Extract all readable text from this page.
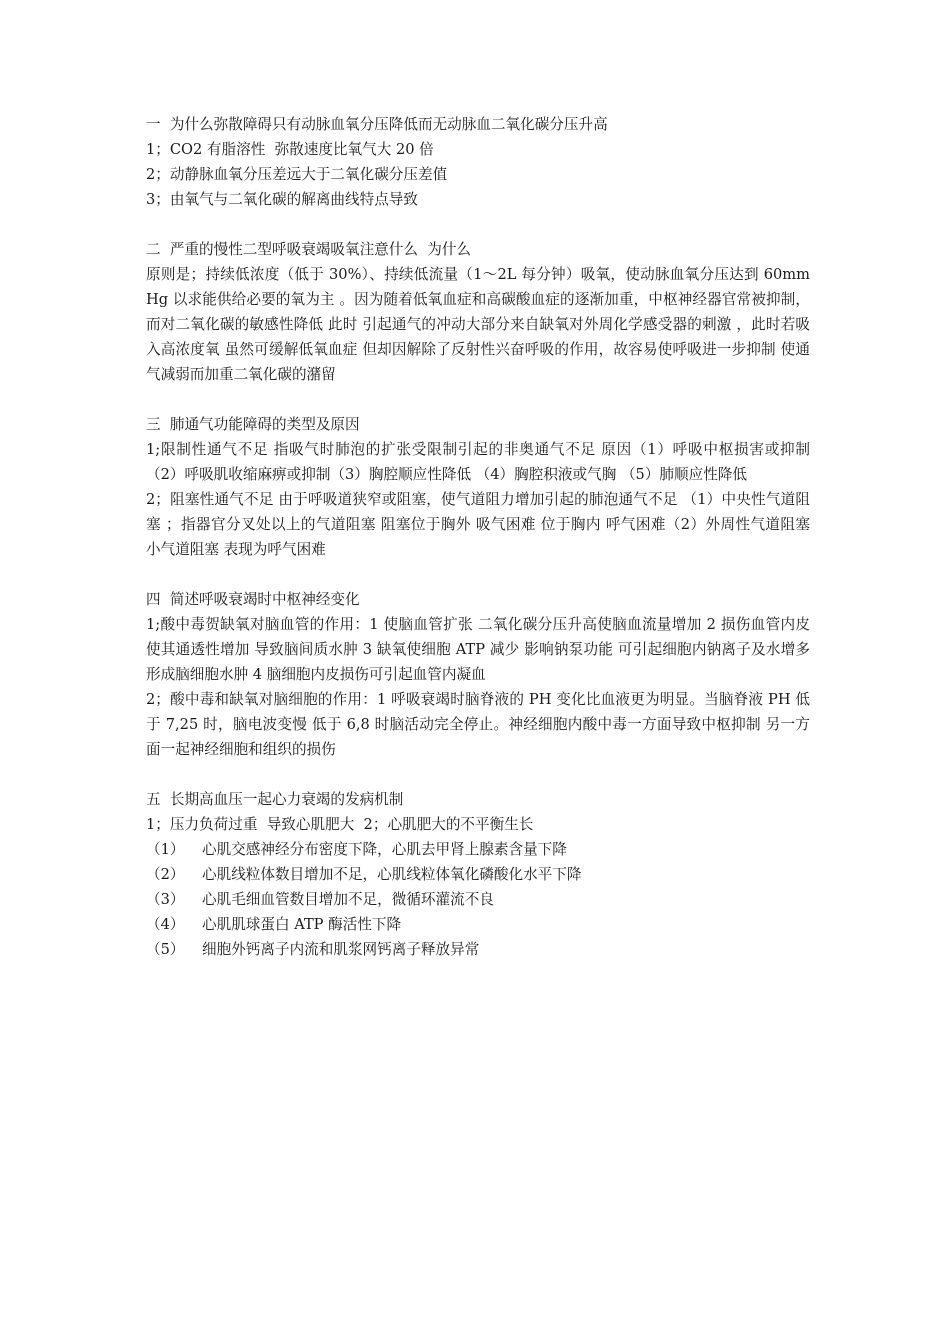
一  为什么弥散障碍只有动脉血氧分压降低而无动脉血二氧化碳分压升高
1；CO2 有脂溶性  弥散速度比氧气大 20 倍
2；动静脉血氧分压差远大于二氧化碳分压差值
3；由氧气与二氧化碳的解离曲线特点导致
二  严重的慢性二型呼吸衰竭吸氧注意什么  为什么
原则是；持续低浓度（低于 30%）、持续低流量（1～2L 每分钟）吸氧，使动脉血氧分压达到 60mmHg 以求能供给必要的氧为主 。因为随着低氧血症和高碳酸血症的逐渐加重，中枢神经器官常被抑制，而对二氧化碳的敏感性降低 此时 引起通气的冲动大部分来自缺氧对外周化学感受器的刺激 ，此时若吸入高浓度氧 虽然可缓解低氧血症 但却因解除了反射性兴奋呼吸的作用，故容易使呼吸进一步抑制 使通气减弱而加重二氧化碳的潴留
三  肺通气功能障碍的类型及原因
1;限制性通气不足 指吸气时肺泡的扩张受限制引起的非奥通气不足 原因（1）呼吸中枢损害或抑制 （2）呼吸肌收缩麻痹或抑制（3）胸腔顺应性降低 （4）胸腔积液或气胸 （5）肺顺应性降低
2；阻塞性通气不足 由于呼吸道狭窄或阻塞，使气道阻力增加引起的肺泡通气不足 （1）中央性气道阻塞 ；指器官分叉处以上的气道阻塞 阻塞位于胸外 吸气困难 位于胸内 呼气困难（2）外周性气道阻塞 小气道阻塞 表现为呼气困难
四  简述呼吸衰竭时中枢神经变化
1;酸中毒贺缺氧对脑血管的作用：1 使脑血管扩张 二氧化碳分压升高使脑血流量增加 2 损伤血管内皮使其通透性增加 导致脑间质水肿 3 缺氧使细胞 ATP 减少 影响钠泵功能 可引起细胞内钠离子及水增多 形成脑细胞水肿 4 脑细胞内皮损伤可引起血管内凝血
2；酸中毒和缺氧对脑细胞的作用：1 呼吸衰竭时脑脊液的 PH 变化比血液更为明显。当脑脊液 PH 低于 7,25 时，脑电波变慢 低于 6,8 时脑活动完全停止。神经细胞内酸中毒一方面导致中枢抑制 另一方面一起神经细胞和组织的损伤
五  长期高血压一起心力衰竭的发病机制
1；压力负荷过重  导致心肌肥大  2；心肌肥大的不平衡生长
（1） 心肌交感神经分布密度下降，心肌去甲肾上腺素含量下降
（2） 心肌线粒体数目增加不足，心肌线粒体氧化磷酸化水平下降
（3） 心肌毛细血管数目增加不足，微循环灌流不良
（4） 心肌肌球蛋白 ATP 酶活性下降
（5） 细胞外钙离子内流和肌浆网钙离子释放异常
